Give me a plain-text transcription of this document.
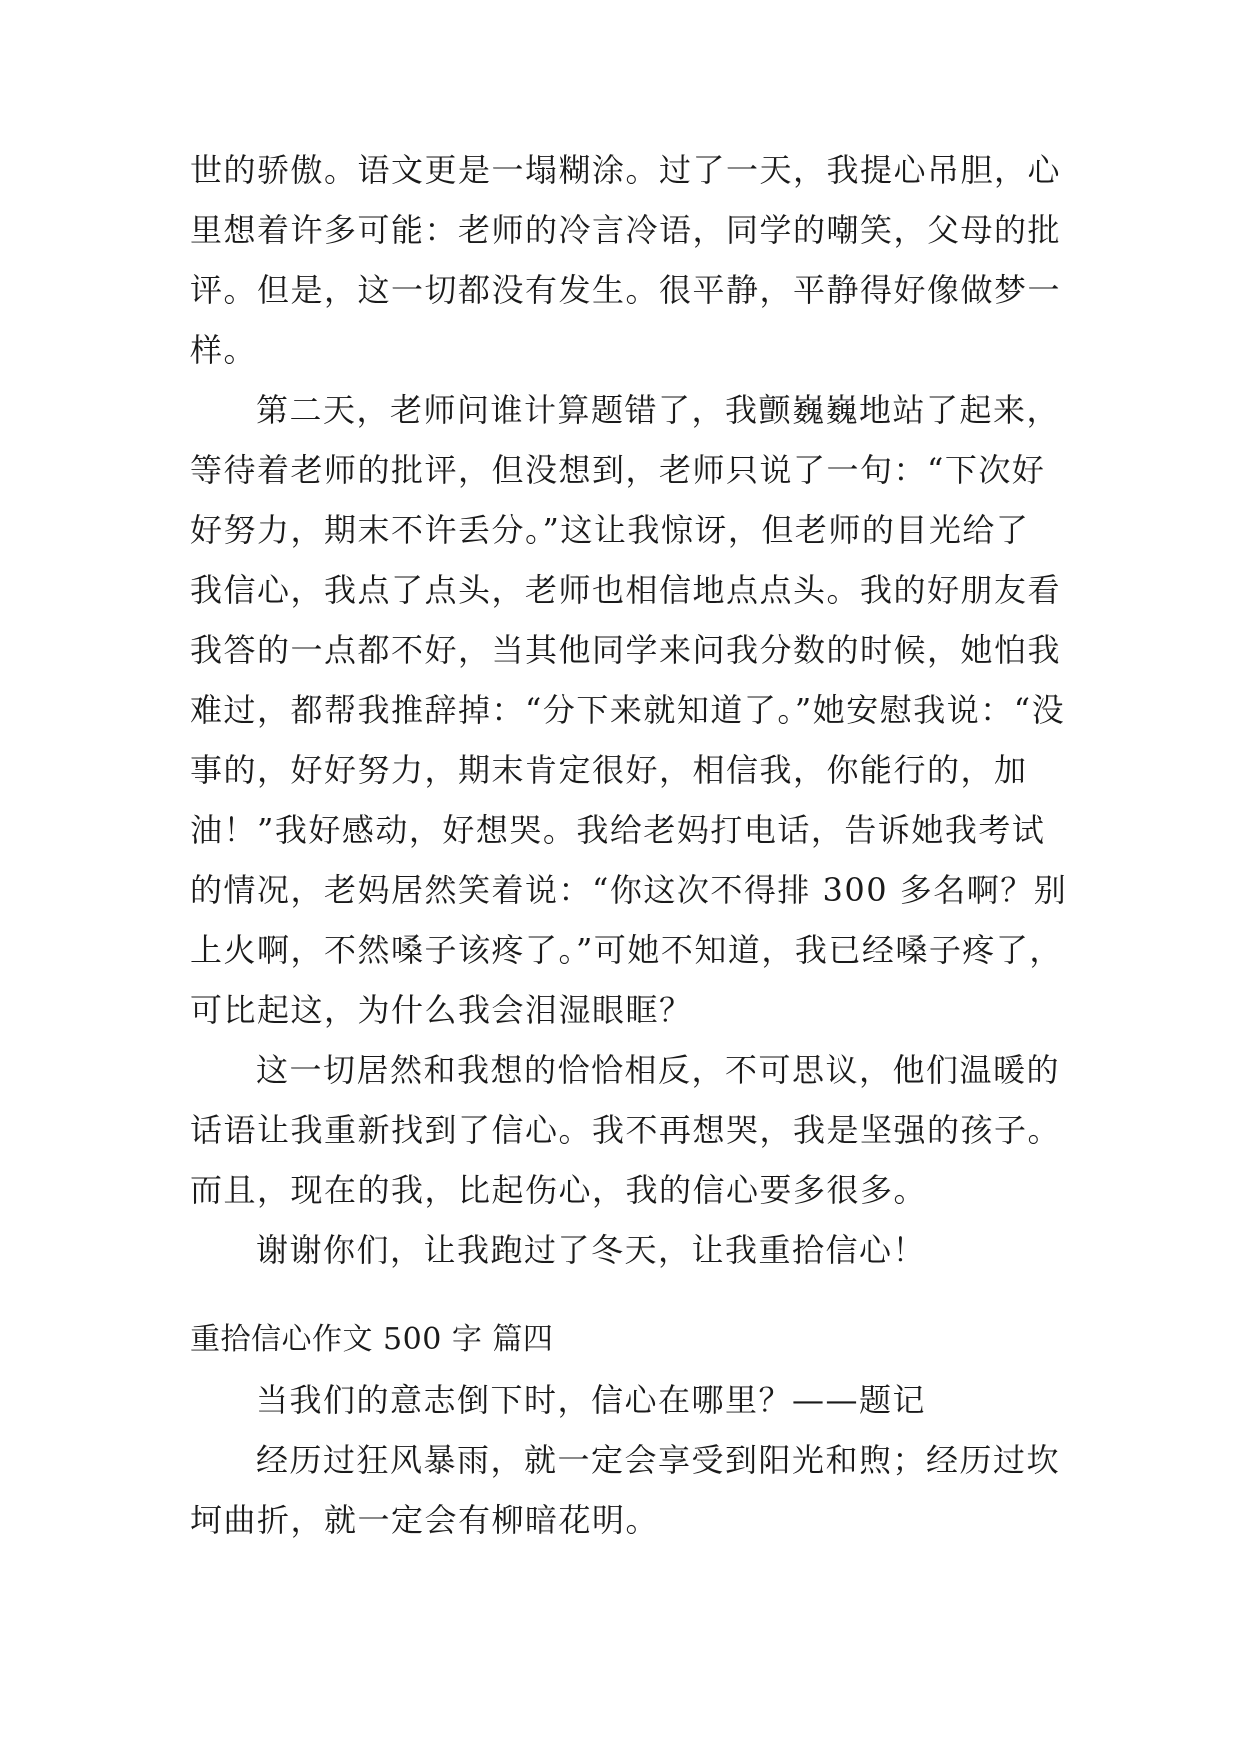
世的骄傲。语文更是一塌糊涂。过了一天，我提心吊胆，心
里想着许多可能：老师的冷言冷语，同学的嘲笑，父母的批
评。但是，这一切都没有发生。很平静，平静得好像做梦一
样。
第二天，老师问谁计算题错了，我颤巍巍地站了起来，
等待着老师的批评，但没想到，老师只说了一句：“下次好
好努力，期末不许丢分。”这让我惊讶，但老师的目光给了
我信心，我点了点头，老师也相信地点点头。我的好朋友看
我答的一点都不好，当其他同学来问我分数的时候，她怕我
难过，都帮我推辞掉：“分下来就知道了。”她安慰我说：“没
事的，好好努力，期末肯定很好，相信我，你能行的，加
油！”我好感动，好想哭。我给老妈打电话，告诉她我考试
的情况，老妈居然笑着说：“你这次不得排 300 多名啊？别
上火啊，不然嗓子该疼了。”可她不知道，我已经嗓子疼了，
可比起这，为什么我会泪湿眼眶？
这一切居然和我想的恰恰相反，不可思议，他们温暖的
话语让我重新找到了信心。我不再想哭，我是坚强的孩子。
而且，现在的我，比起伤心，我的信心要多很多。
谢谢你们，让我跑过了冬天，让我重拾信心！
重拾信心作文 500 字 篇四
当我们的意志倒下时，信心在哪里？——题记
经历过狂风暴雨，就一定会享受到阳光和煦；经历过坎
坷曲折，就一定会有柳暗花明。
